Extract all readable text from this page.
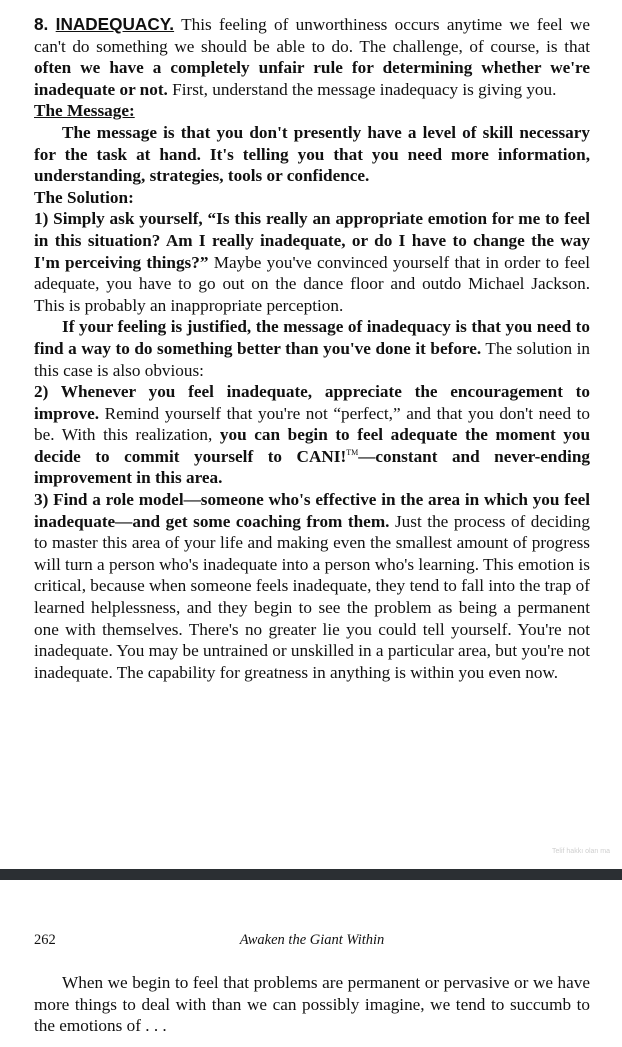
8. INADEQUACY. This feeling of unworthiness occurs anytime we feel we can't do something we should be able to do. The challenge, of course, is that often we have a completely unfair rule for determining whether we're inadequate or not. First, understand the message inadequacy is giving you.

The Message:

The message is that you don't presently have a level of skill necessary for the task at hand. It's telling you that you need more information, understanding, strategies, tools or confidence.

The Solution:

1) Simply ask yourself, “Is this really an appropriate emotion for me to feel in this situation? Am I really inadequate, or do I have to change the way I'm perceiving things?” Maybe you've convinced yourself that in order to feel adequate, you have to go out on the dance floor and outdo Michael Jackson. This is probably an inappropriate perception.

If your feeling is justified, the message of inadequacy is that you need to find a way to do something better than you've done it before. The solution in this case is also obvious:

2) Whenever you feel inadequate, appreciate the encouragement to improve. Remind yourself that you're not “perfect,” and that you don't need to be. With this realization, you can begin to feel adequate the moment you decide to commit yourself to CANI!™—constant and never-ending improvement in this area.

3) Find a role model—someone who's effective in the area in which you feel inadequate—and get some coaching from them. Just the process of deciding to master this area of your life and making even the smallest amount of progress will turn a person who's inadequate into a person who's learning. This emotion is critical, because when someone feels inadequate, they tend to fall into the trap of learned helplessness, and they begin to see the problem as being a permanent one with themselves. There's no greater lie you could tell yourself. You're not inadequate. You may be untrained or unskilled in a particular area, but you're not inadequate. The capability for greatness in anything is within you even now.

Telif hakkı olan ma
Awaken the Giant Within
262

When we begin to feel that problems are permanent or pervasive or we have more things to deal with than we can possibly imagine, we tend to succumb to the emotions of . . .
